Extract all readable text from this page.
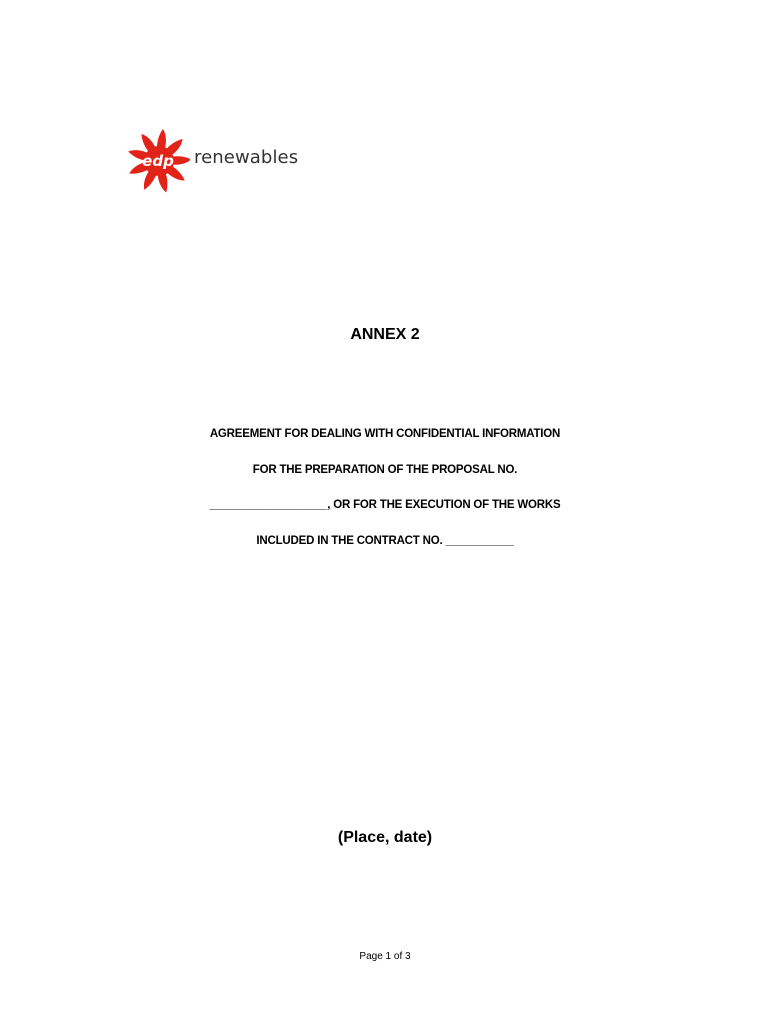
edp renewables
ANNEX 2
AGREEMENT FOR DEALING WITH CONFIDENTIAL INFORMATION
FOR THE PREPARATION OF THE PROPOSAL NO.
___________________, OR FOR THE EXECUTION OF THE WORKS
INCLUDED IN THE CONTRACT NO. ___________
(Place, date)
Page 1 of 3
